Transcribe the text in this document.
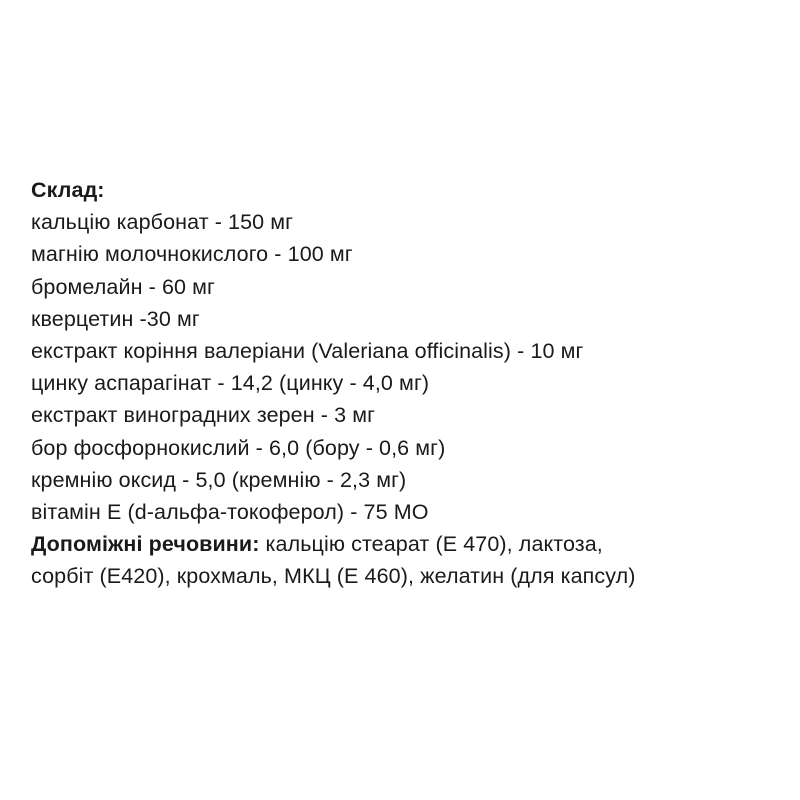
Склад:
кальцію карбонат - 150 мг
магнію молочнокислого - 100 мг
бромелайн - 60 мг
кверцетин -30 мг
екстракт коріння валеріани (Valeriana officinalis) - 10 мг
цинку аспарагінат - 14,2 (цинку - 4,0 мг)
екстракт виноградних зерен - 3 мг
бор фосфорнокислий - 6,0 (бору - 0,6 мг)
кремнію оксид - 5,0 (кремнію - 2,3 мг)
вітамін Е (d-альфа-токоферол) - 75 МО
Допоміжні речовини: кальцію стеарат (Е 470), лактоза,
сорбіт (Е420), крохмаль, МКЦ (Е 460), желатин (для капсул)
